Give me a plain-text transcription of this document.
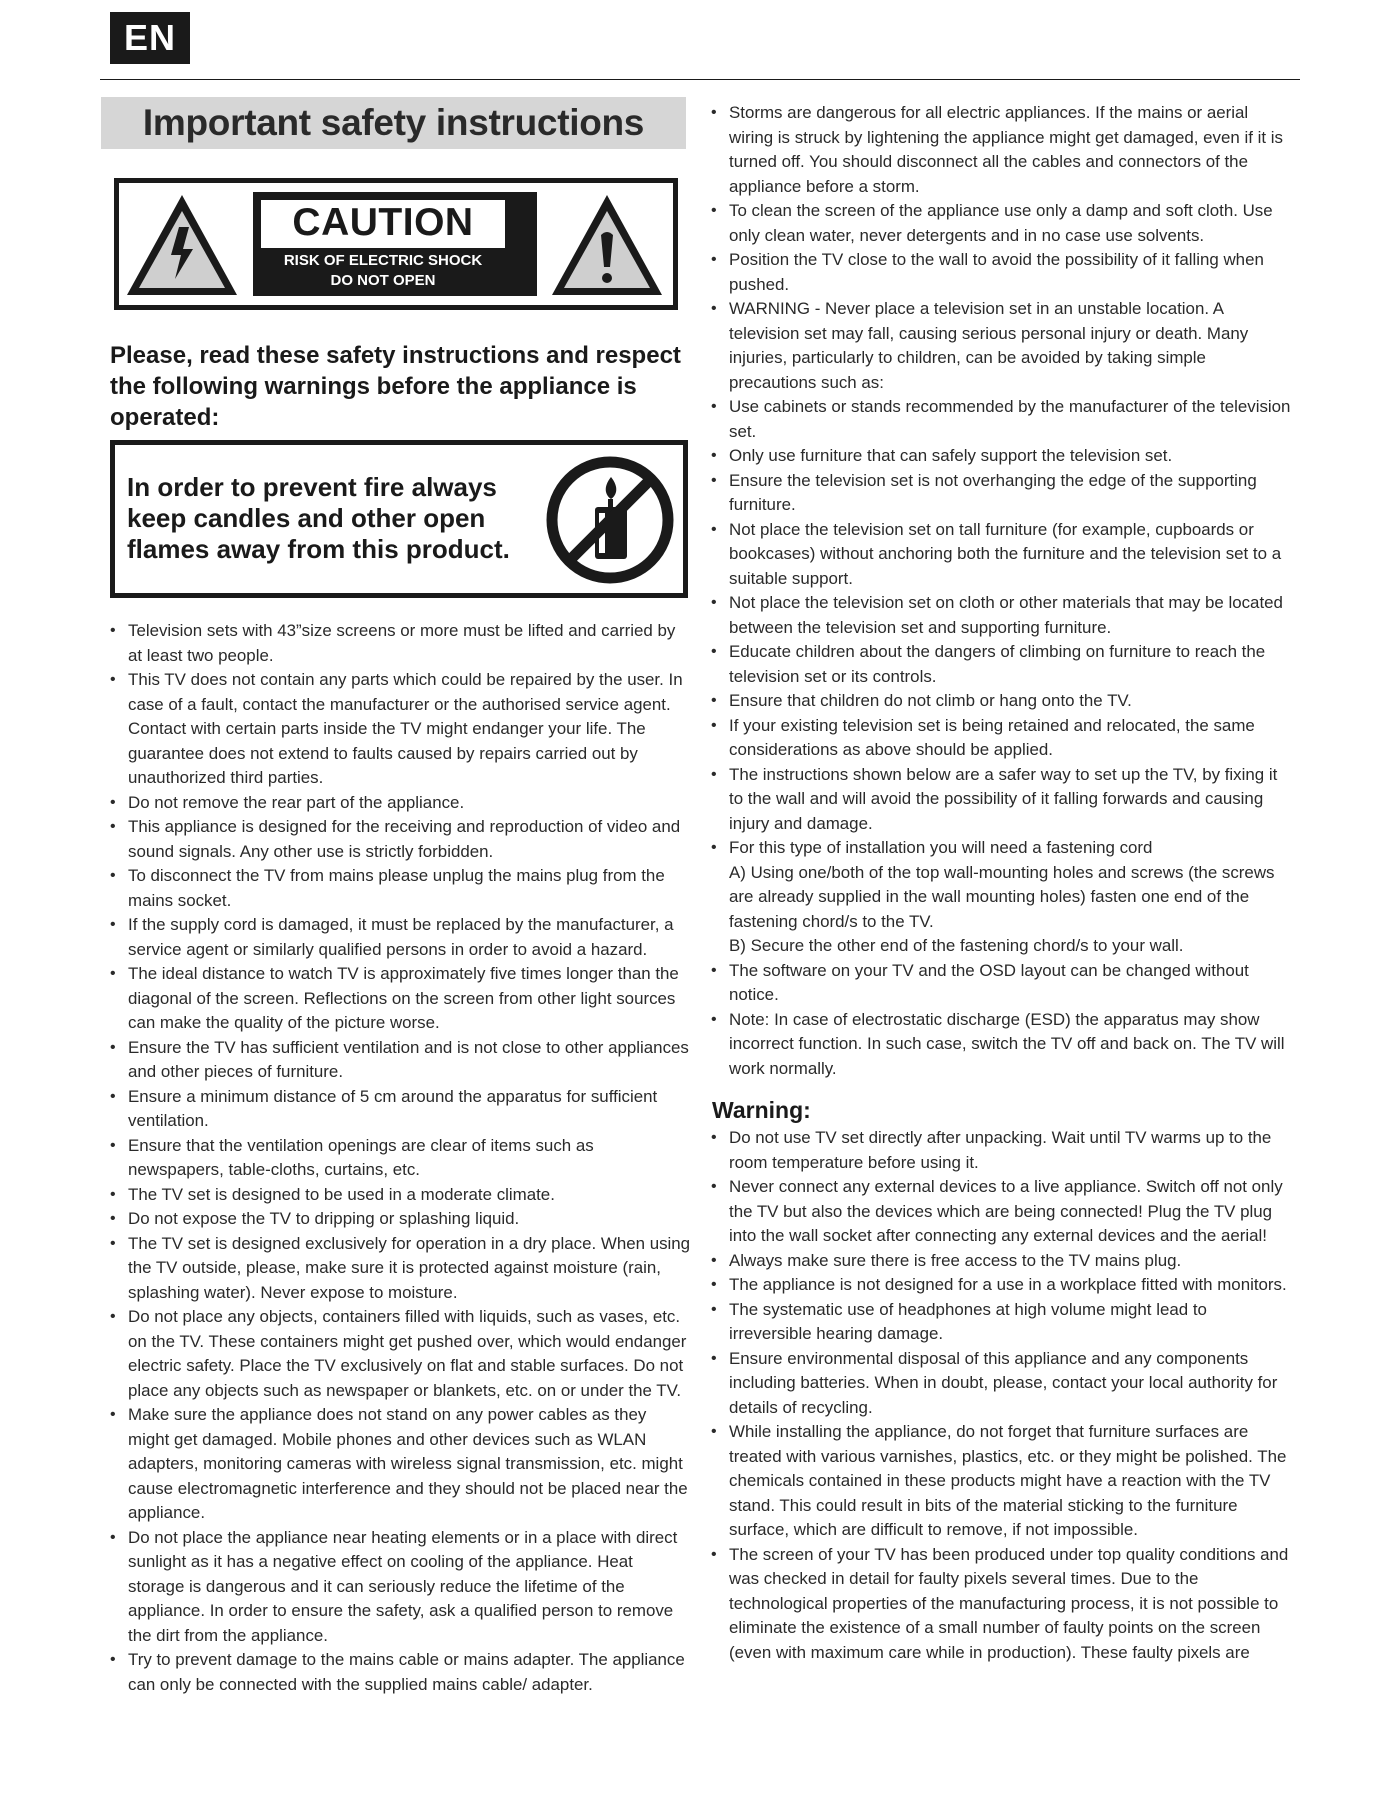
EN
Important safety instructions
CAUTION
RISK OF ELECTRIC SHOCK
DO NOT OPEN
Please, read these safety instructions and respect the following warnings before the appliance is operated:
In order to prevent fire always keep candles and other open flames away from this product.
• Television sets with 43”size screens or more must be lifted and carried by at least two people.
• This TV does not contain any parts which could be repaired by the user. In case of a fault, contact the manufacturer or the authorised service agent. Contact with certain parts inside the TV might endanger your life. The guarantee does not extend to faults caused by repairs carried out by unauthorized third parties.
• Do not remove the rear part of the appliance.
• This appliance is designed for the receiving and reproduction of video and sound signals. Any other use is strictly forbidden.
• To disconnect the TV from mains please unplug the mains plug from the mains socket.
• If the supply cord is damaged, it must be replaced by the manufacturer, a service agent or similarly qualified persons in order to avoid a hazard.
• The ideal distance to watch TV is approximately five times longer than the diagonal of the screen. Reflections on the screen from other light sources can make the quality of the picture worse.
• Ensure the TV has sufficient ventilation and is not close to other appliances and other pieces of furniture.
• Ensure a minimum distance of 5 cm around the apparatus for sufficient ventilation.
• Ensure that the ventilation openings are clear of items such as newspapers, table-cloths, curtains, etc.
• The TV set is designed to be used in a moderate climate.
• Do not expose the TV to dripping or splashing liquid.
• The TV set is designed exclusively for operation in a dry place. When using the TV outside, please, make sure it is protected against moisture (rain, splashing water). Never expose to moisture.
• Do not place any objects, containers filled with liquids, such as vases, etc. on the TV. These containers might get pushed over, which would endanger electric safety. Place the TV exclusively on flat and stable surfaces. Do not place any objects such as newspaper or blankets, etc. on or under the TV.
• Make sure the appliance does not stand on any power cables as they might get damaged. Mobile phones and other devices such as WLAN adapters, monitoring cameras with wireless signal transmission, etc. might cause electromagnetic interference and they should not be placed near the appliance.
• Do not place the appliance near heating elements or in a place with direct sunlight as it has a negative effect on cooling of the appliance. Heat storage is dangerous and it can seriously reduce the lifetime of the appliance. In order to ensure the safety, ask a qualified person to remove the dirt from the appliance.
• Try to prevent damage to the mains cable or mains adapter. The appliance can only be connected with the supplied mains cable/ adapter.
• Storms are dangerous for all electric appliances. If the mains or aerial wiring is struck by lightening the appliance might get damaged, even if it is turned off. You should disconnect all the cables and connectors of the appliance before a storm.
• To clean the screen of the appliance use only a damp and soft cloth. Use only clean water, never detergents and in no case use solvents.
• Position the TV close to the wall to avoid the possibility of it falling when pushed.
• WARNING - Never place a television set in an unstable location. A television set may fall, causing serious personal injury or death. Many injuries, particularly to children, can be avoided by taking simple precautions such as:
• Use cabinets or stands recommended by the manufacturer of the television set.
• Only use furniture that can safely support the television set.
• Ensure the television set is not overhanging the edge of the supporting furniture.
• Not place the television set on tall furniture (for example, cupboards or bookcases) without anchoring both the furniture and the television set to a suitable support.
• Not place the television set on cloth or other materials that may be located between the television set and supporting furniture.
• Educate children about the dangers of climbing on furniture to reach the television set or its controls.
• Ensure that children do not climb or hang onto the TV.
• If your existing television set is being retained and relocated, the same considerations as above should be applied.
• The instructions shown below are a safer way to set up the TV, by fixing it to the wall and will avoid the possibility of it falling forwards and causing injury and damage.
• For this type of installation you will need a fastening cord
A) Using one/both of the top wall-mounting holes and screws (the screws are already supplied in the wall mounting holes) fasten one end of the fastening chord/s to the TV.
B) Secure the other end of the fastening chord/s to your wall.
• The software on your TV and the OSD layout can be changed without notice.
• Note: In case of electrostatic discharge (ESD) the apparatus may show incorrect function. In such case, switch the TV off and back on. The TV will work normally.
Warning:
• Do not use TV set directly after unpacking. Wait until TV warms up to the room temperature before using it.
• Never connect any external devices to a live appliance. Switch off not only the TV but also the devices which are being connected! Plug the TV plug into the wall socket after connecting any external devices and the aerial!
• Always make sure there is free access to the TV mains plug.
• The appliance is not designed for a use in a workplace fitted with monitors.
• The systematic use of headphones at high volume might lead to irreversible hearing damage.
• Ensure environmental disposal of this appliance and any components including batteries. When in doubt, please, contact your local authority for details of recycling.
• While installing the appliance, do not forget that furniture surfaces are treated with various varnishes, plastics, etc. or they might be polished. The chemicals contained in these products might have a reaction with the TV stand. This could result in bits of the material sticking to the furniture surface, which are difficult to remove, if not impossible.
• The screen of your TV has been produced under top quality conditions and was checked in detail for faulty pixels several times. Due to the technological properties of the manufacturing process, it is not possible to eliminate the existence of a small number of faulty points on the screen (even with maximum care while in production). These faulty pixels are
